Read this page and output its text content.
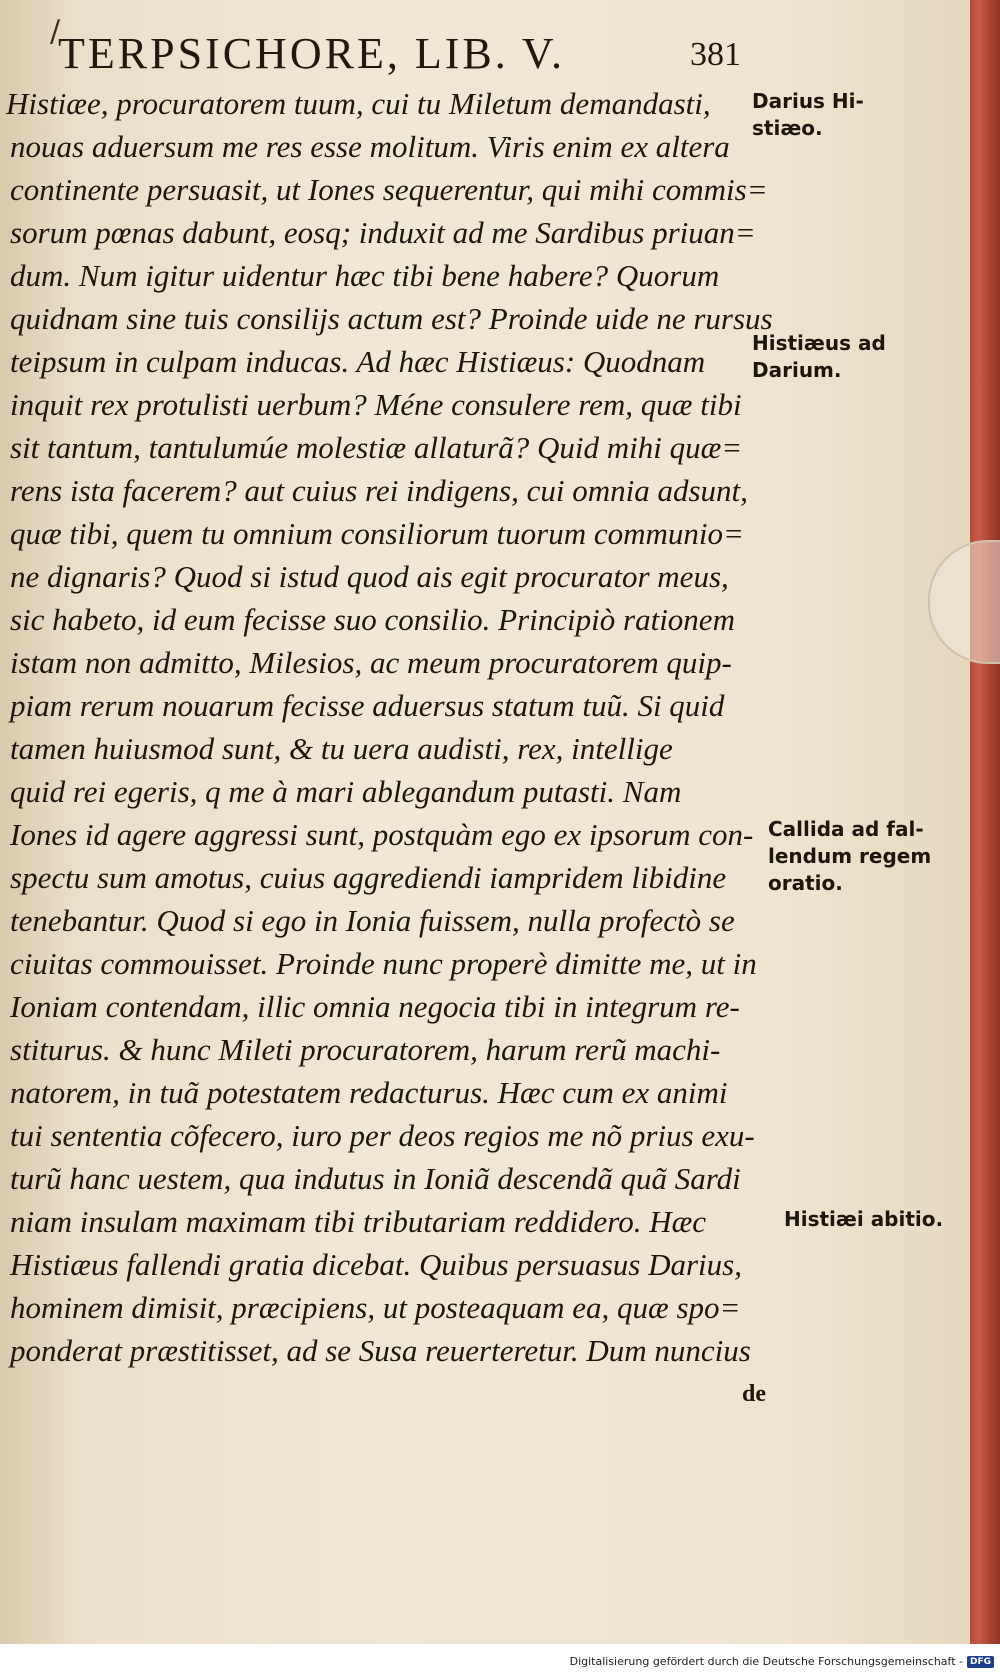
/
TERPSICHORE, LIB. V.	381
Histiæe, procuratorem tuum, cui tu Miletum demandasti,
nouas aduersum me res esse molitum. Viris enim ex altera
continente persuasit, ut Iones sequerentur, qui mihi commis=
sorum pœnas dabunt, eosq; induxit ad me Sardibus priuan=
dum. Num igitur uidentur hæc tibi bene habere? Quorum
quidnam sine tuis consilijs actum est? Proinde uide ne rursus
teipsum in culpam inducas. Ad hæc Histiæus: Quodnam
inquit rex protulisti uerbum? Méne consulere rem, quæ tibi
sit tantum, tantulumúe molestiæ allaturã? Quid mihi quæ=
rens ista facerem? aut cuius rei indigens, cui omnia adsunt,
quæ tibi, quem tu omnium consiliorum tuorum communio=
ne dignaris? Quod si istud quod ais egit procurator meus,
sic habeto, id eum fecisse suo consilio. Principiò rationem
istam non admitto, Milesios, ac meum procuratorem quip-
piam rerum nouarum fecisse aduersus statum tuũ. Si quid
tamen huiusmod sunt, & tu uera audisti, rex, intellige
quid rei egeris, q me à mari ablegandum putasti. Nam
Iones id agere aggressi sunt, postquàm ego ex ipsorum con-
spectu sum amotus, cuius aggrediendi iampridem libidine
tenebantur. Quod si ego in Ionia fuissem, nulla profectò se
ciuitas commouisset. Proinde nunc properè dimitte me, ut in
Ioniam contendam, illic omnia negocia tibi in integrum re-
stiturus. & hunc Mileti procuratorem, harum rerũ machi-
natorem, in tuã potestatem redacturus. Hæc cum ex animi
tui sententia cõfecero, iuro per deos regios me nõ prius exu-
turũ hanc uestem, qua indutus in Ioniã descendã quã Sardi
niam insulam maximam tibi tributariam reddidero. Hæc
Histiæus fallendi gratia dicebat. Quibus persuasus Darius,
hominem dimisit, præcipiens, ut posteaquam ea, quæ spo=
ponderat præstitisset, ad se Susa reuerteretur. Dum nuncius
de
Darius Hi-
stiæo.
Histiæus ad
Darium.
Callida ad fal-
lendum regem
oratio.
Histiæi abitio.
Digitalisierung gefördert durch die Deutsche Forschungsgemeinschaft - DFG
